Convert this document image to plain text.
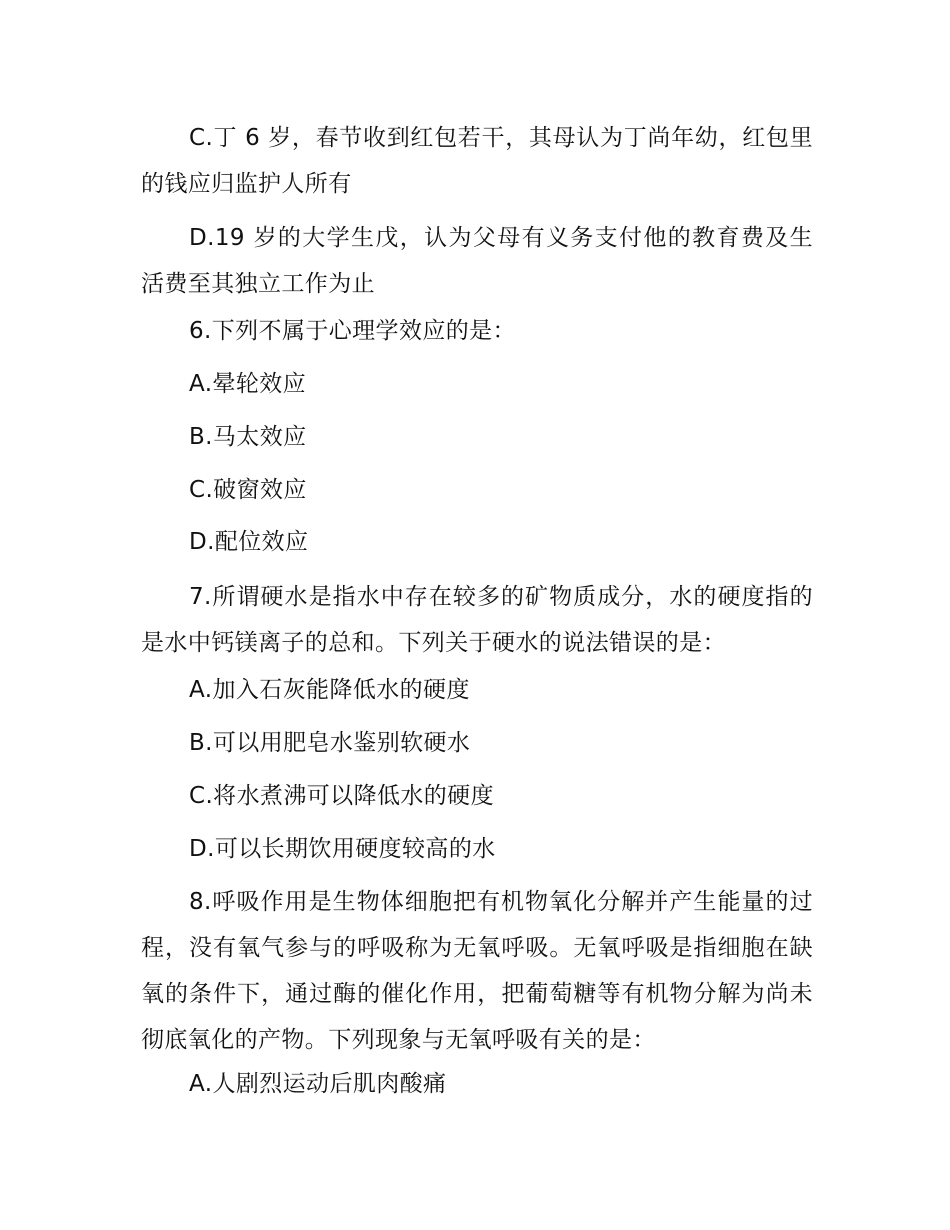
C.丁 6 岁，春节收到红包若干，其母认为丁尚年幼，红包里的钱应归监护人所有

D.19 岁的大学生戊，认为父母有义务支付他的教育费及生活费至其独立工作为止

6.下列不属于心理学效应的是：

A.晕轮效应

B.马太效应

C.破窗效应

D.配位效应

7.所谓硬水是指水中存在较多的矿物质成分，水的硬度指的是水中钙镁离子的总和。下列关于硬水的说法错误的是：

A.加入石灰能降低水的硬度

B.可以用肥皂水鉴别软硬水

C.将水煮沸可以降低水的硬度

D.可以长期饮用硬度较高的水

8.呼吸作用是生物体细胞把有机物氧化分解并产生能量的过程，没有氧气参与的呼吸称为无氧呼吸。无氧呼吸是指细胞在缺氧的条件下，通过酶的催化作用，把葡萄糖等有机物分解为尚未彻底氧化的产物。下列现象与无氧呼吸有关的是：

A.人剧烈运动后肌肉酸痛
